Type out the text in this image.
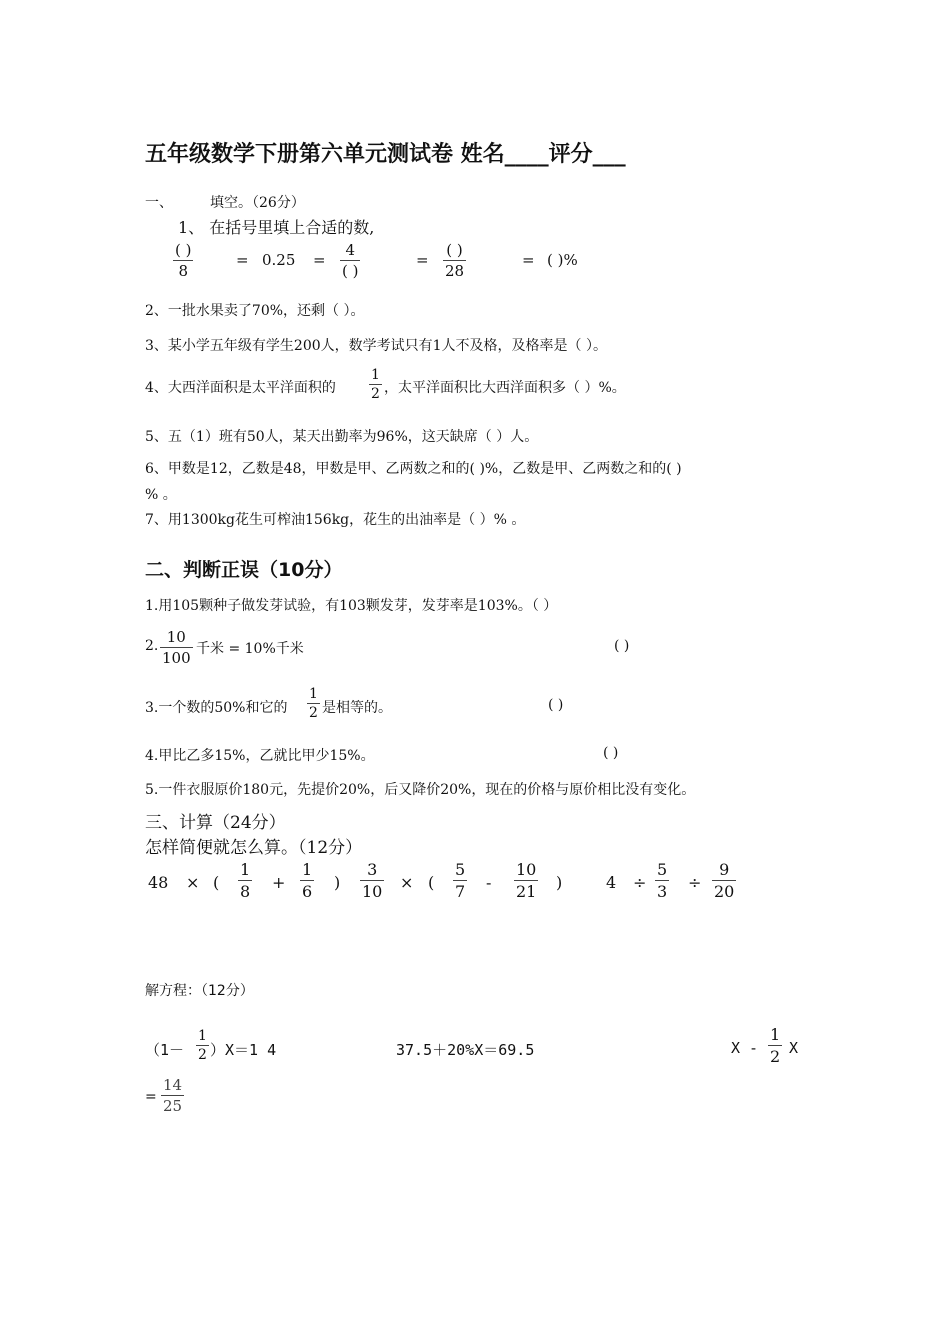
五年级数学下册第六单元测试卷 姓名____评分___
一、	填空。（26分）
1、 在括号里填上合适的数,
( )
8
= 0.25 =
4
( )
=
( )
28
= ( )%
2、一批水果卖了70%，还剩（ ）。
3、某小学五年级有学生200人，数学考试只有1人不及格，及格率是（ ）。
4、大西洋面积是太平洋面积的
1
2 ，太平洋面积比大西洋面积多（ ）%。
5、五（1）班有50人，某天出勤率为96%，这天缺席（ ）人。
6、甲数是12，乙数是48，甲数是甲、乙两数之和的( )%，乙数是甲、乙两数之和的( )
% 。
7、用1300kg花生可榨油156kg，花生的出油率是（ ）% 。
二、判断正误（10分）
1.用105颗种子做发芽试验，有103颗发芽，发芽率是103%。（ ）
2. 10
100 千米 = 10%千米	( )
3.一个数的50%和它的
1
2 是相等的。	( )
4.甲比乙多15%，乙就比甲少15%。	( )
5.一件衣服原价180元，先提价20%，后又降价20%，现在的价格与原价相比没有变化。
三、计算（24分）
怎样简便就怎么算。（12分）
48 × (
1
8 +
1
6 )
3
10 × (
5
7 -
10
21 )	4 ÷
5
3 ÷
9
20
解方程：（12分）
（1－
1
2 ）X＝1 4	37.5＋20%X＝69.5	X -
1
2 X
=
14
25
